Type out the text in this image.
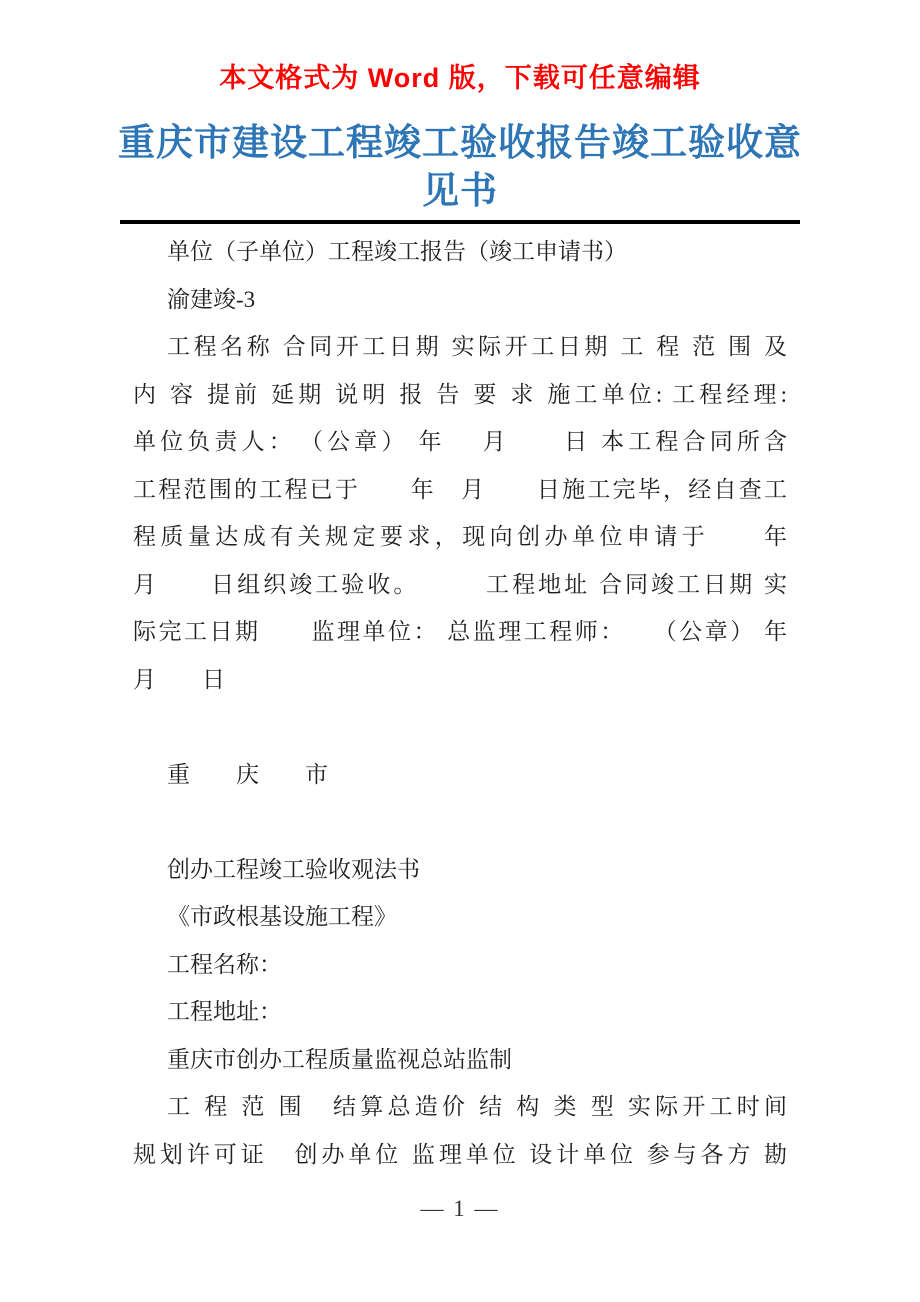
本文格式为 Word 版，下载可任意编辑
重庆市建设工程竣工验收报告竣工验收意见书
单位（子单位）工程竣工报告（竣工申请书）
渝建竣-3
工程名称 合同开工日期 实际开工日期 工 程 范 围 及
内 容 提前 延期 说明 报 告 要 求 施工单位: 工程经理:
单位负责人：　（公章） 年　 月　　日 本工程合同所含
工程范围的工程已于　　年　月　　日施工完毕，经自查工
程质量达成有关规定要求，现向创办单位申请于　　年
月　　日组织竣工验收。　　　工程地址 合同竣工日期 实
际完工日期　　监理单位： 总监理工程师：　　（公章） 年
月　　日
重　　庆　　市
创办工程竣工验收观法书
《市政根基设施工程》
工程名称：
工程地址：
重庆市创办工程质量监视总站监制
工 程 范 围　结算总造价 结 构 类 型 实际开工时间
规划许可证　创办单位 监理单位 设计单位 参与各方 勘
— 1 —
